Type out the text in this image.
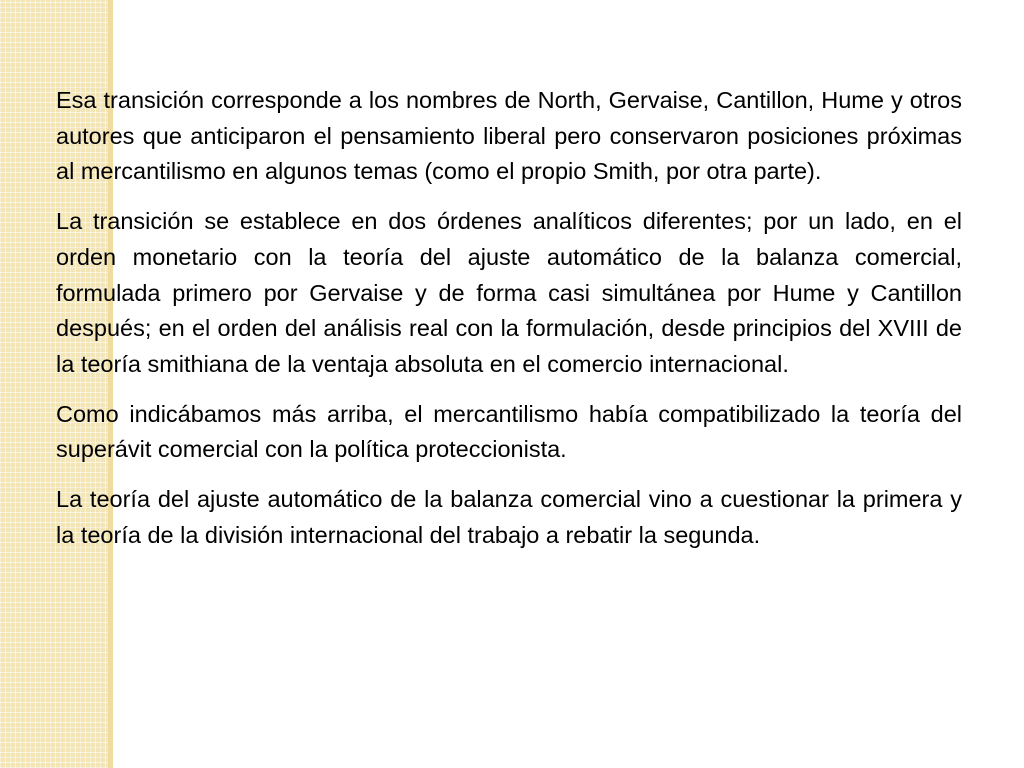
Esa transición corresponde a los nombres de North, Gervaise, Cantillon, Hume y otros autores que anticiparon el pensamiento liberal pero conservaron posiciones próximas al mercantilismo en algunos temas (como el propio Smith, por otra parte).

La transición se establece en dos órdenes analíticos diferentes; por un lado, en el orden monetario con la teoría del ajuste automático de la balanza comercial, formulada primero por Gervaise y de forma casi simultánea por Hume y Cantillon después; en el orden del análisis real con la formulación, desde principios del XVIII de la teoría smithiana de la ventaja absoluta en el comercio internacional.

Como indicábamos más arriba, el mercantilismo había compatibilizado la teoría del superávit comercial con la política proteccionista.

La teoría del ajuste automático de la balanza comercial vino a cuestionar la primera y la teoría de la división internacional del trabajo a rebatir la segunda.
